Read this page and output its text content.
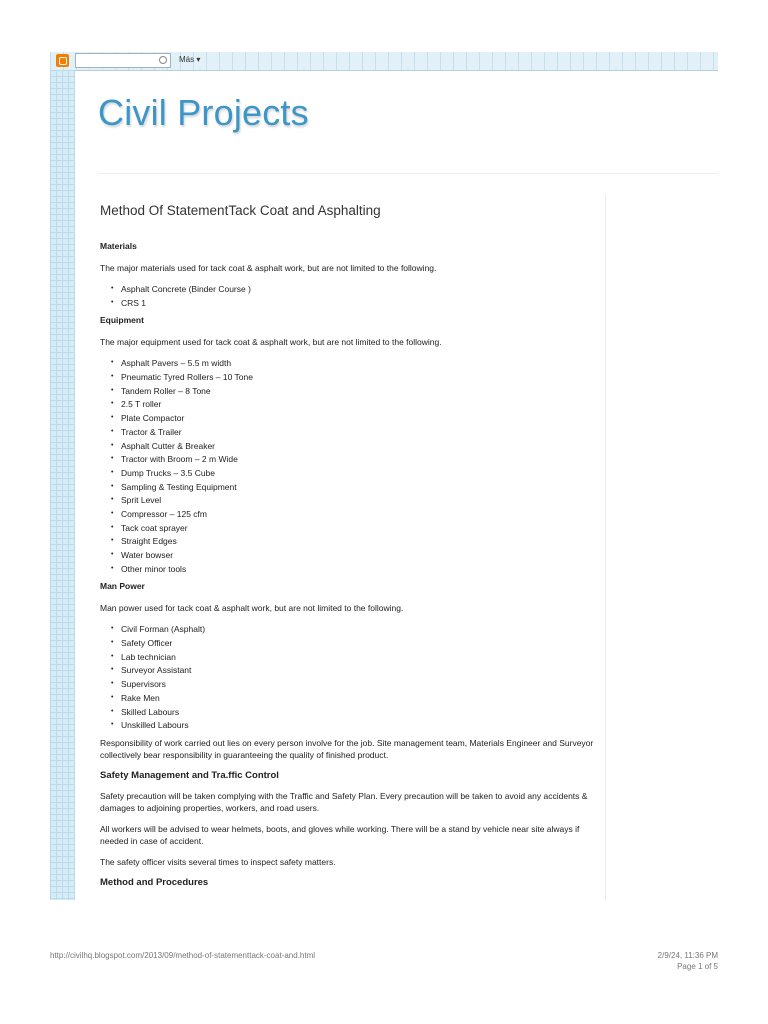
Más ▾
Civil Projects
Method Of StatementTack Coat and Asphalting
Materials

The major materials used for tack coat & asphalt work, but are not limited to the following.

• Asphalt Concrete (Binder Course )
• CRS 1
Equipment

The major equipment used for tack coat & asphalt work, but are not limited to the following.

• Asphalt Pavers – 5.5 m width
• Pneumatic Tyred Rollers – 10 Tone
• Tandem Roller – 8 Tone
• 2.5 T roller
• Plate Compactor
• Tractor & Trailer
• Asphalt Cutter & Breaker
• Tractor with Broom – 2 m Wide
• Dump Trucks – 3.5 Cube
• Sampling & Testing Equipment
• Sprit Level
• Compressor – 125 cfm
• Tack coat sprayer
• Straight Edges
• Water bowser
• Other minor tools
Man Power

Man power used for tack coat & asphalt work, but are not limited to the following.

• Civil Forman (Asphalt)
• Safety Officer
• Lab technician
• Surveyor Assistant
• Supervisors
• Rake Men
• Skilled Labours
• Unskilled Labours

Responsibility of work carried out lies on every person involve for the job. Site management team, Materials Engineer and Surveyor collectively bear responsibility in guaranteeing the quality of finished product.

Safety Management and Tra.ffic Control

Safety precaution will be taken complying with the Traffic and Safety Plan. Every precaution will be taken to avoid any accidents & damages to adjoining properties, workers, and road users.

All workers will be advised to wear helmets, boots, and gloves while working. There will be a stand by vehicle near site always if needed in case of accident.

The safety officer visits several times to inspect safety matters.

Method and Procedures
http://civilhq.blogspot.com/2013/09/method-of-statementtack-coat-and.html	2/9/24, 11:36 PM
Page 1 of 5
